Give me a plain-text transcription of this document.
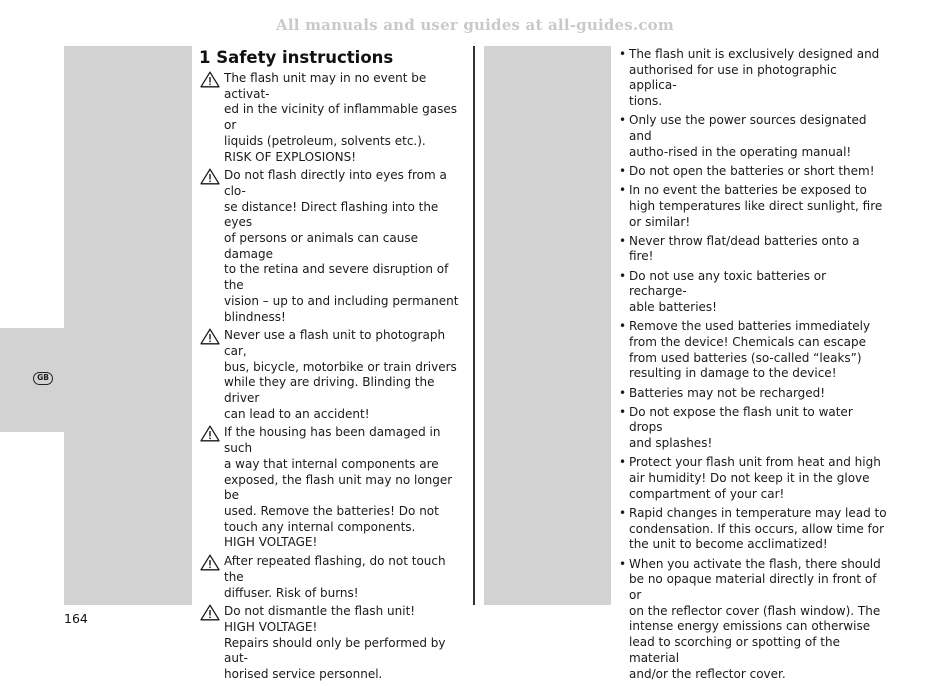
All manuals and user guides at all-guides.com
GB
1 Safety instructions
The flash unit may in no event be activat-
ed in the vicinity of inflammable gases or
liquids (petroleum, solvents etc.).
RISK OF EXPLOSIONS!
Do not flash directly into eyes from a clo-
se distance! Direct flashing into the eyes
of persons or animals can cause damage
to the retina and severe disruption of the
vision – up to and including permanent
blindness!
Never use a flash unit to photograph car,
bus, bicycle, motorbike or train drivers
while they are driving. Blinding the driver
can lead to an accident!
If the housing has been damaged in such
a way that internal components are
exposed, the flash unit may no longer be
used. Remove the batteries! Do not
touch any internal components.
HIGH VOLTAGE!
After repeated flashing, do not touch the
diffuser. Risk of burns!
Do not dismantle the flash unit!
HIGH VOLTAGE!
Repairs should only be performed by aut-
horised service personnel.
• The flash unit is exclusively designed and
authorised for use in photographic applica-
tions.
• Only use the power sources designated and
autho-rised in the operating manual!
• Do not open the batteries or short them!
• In no event the batteries be exposed to
high temperatures like direct sunlight, fire
or similar!
• Never throw flat/dead batteries onto a fire!
• Do not use any toxic batteries or recharge-
able batteries!
• Remove the used batteries immediately
from the device! Chemicals can escape
from used batteries (so-called “leaks”)
resulting in damage to the device!
• Batteries may not be recharged!
• Do not expose the flash unit to water drops
and splashes!
• Protect your flash unit from heat and high
air humidity! Do not keep it in the glove
compartment of your car!
• Rapid changes in temperature may lead to
condensation. If this occurs, allow time for
the unit to become acclimatized!
• When you activate the flash, there should
be no opaque material directly in front of or
on the reflector cover (flash window). The
intense energy emissions can otherwise
lead to scorching or spotting of the material
and/or the reflector cover.
164
